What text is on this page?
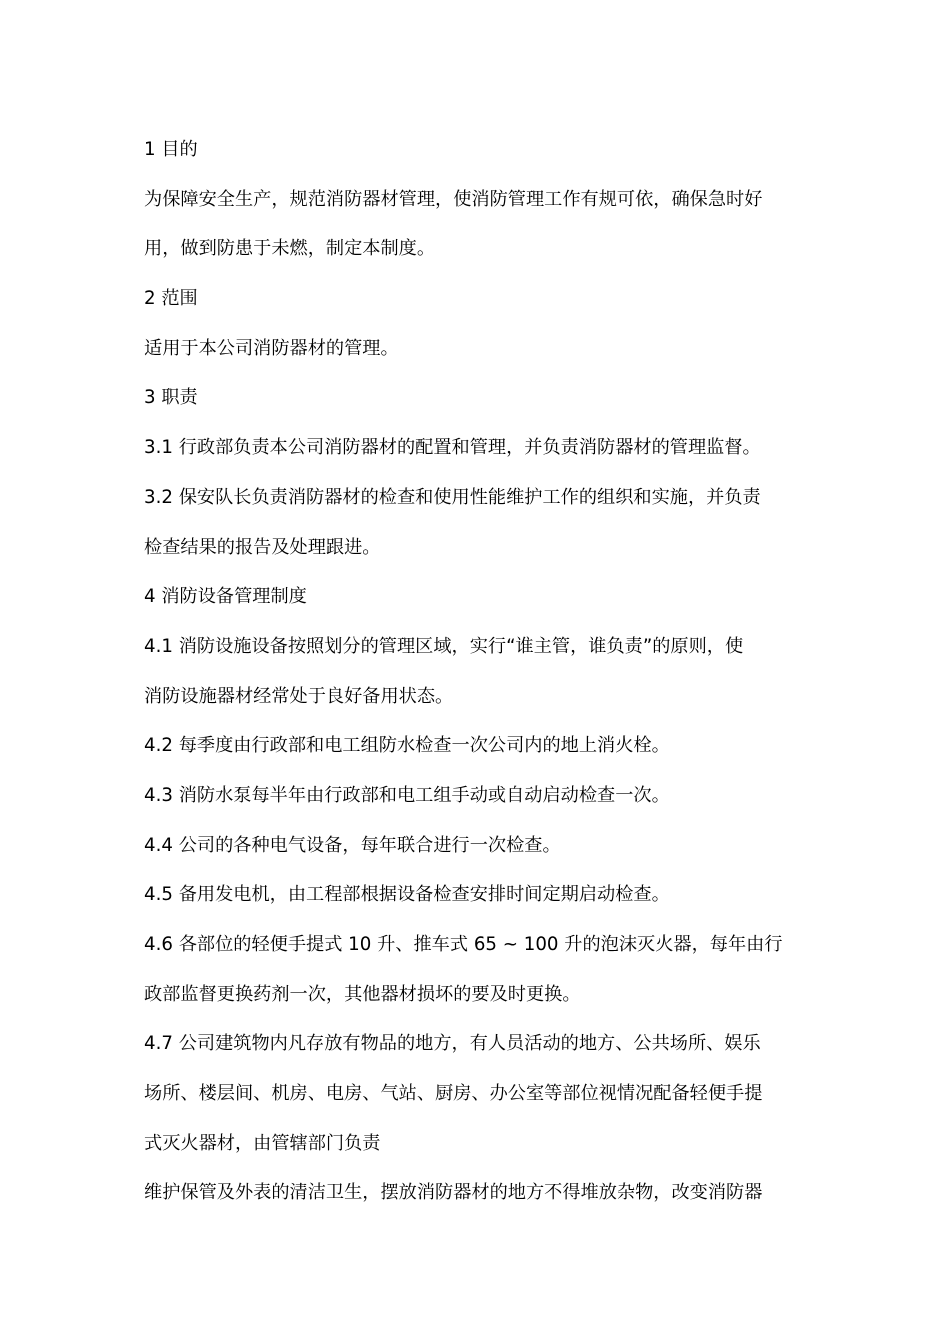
1 目的
为保障安全生产，规范消防器材管理，使消防管理工作有规可依，确保急时好
用，做到防患于未燃，制定本制度。
2 范围
适用于本公司消防器材的管理。
3 职责
3.1 行政部负责本公司消防器材的配置和管理，并负责消防器材的管理监督。
3.2 保安队长负责消防器材的检查和使用性能维护工作的组织和实施，并负责
检查结果的报告及处理跟进。
4 消防设备管理制度
4.1 消防设施设备按照划分的管理区域，实行“谁主管，谁负责”的原则，使
消防设施器材经常处于良好备用状态。
4.2 每季度由行政部和电工组防水检查一次公司内的地上消火栓。
4.3 消防水泵每半年由行政部和电工组手动或自动启动检查一次。
4.4 公司的各种电气设备，每年联合进行一次检查。
4.5 备用发电机，由工程部根据设备检查安排时间定期启动检查。
4.6 各部位的轻便手提式 10 升、推车式 65 ~ 100 升的泡沫灭火器，每年由行
政部监督更换药剂一次，其他器材损坏的要及时更换。
4.7 公司建筑物内凡存放有物品的地方，有人员活动的地方、公共场所、娱乐
场所、楼层间、机房、电房、气站、厨房、办公室等部位视情况配备轻便手提
式灭火器材，由管辖部门负责
维护保管及外表的清洁卫生，摆放消防器材的地方不得堆放杂物，改变消防器
